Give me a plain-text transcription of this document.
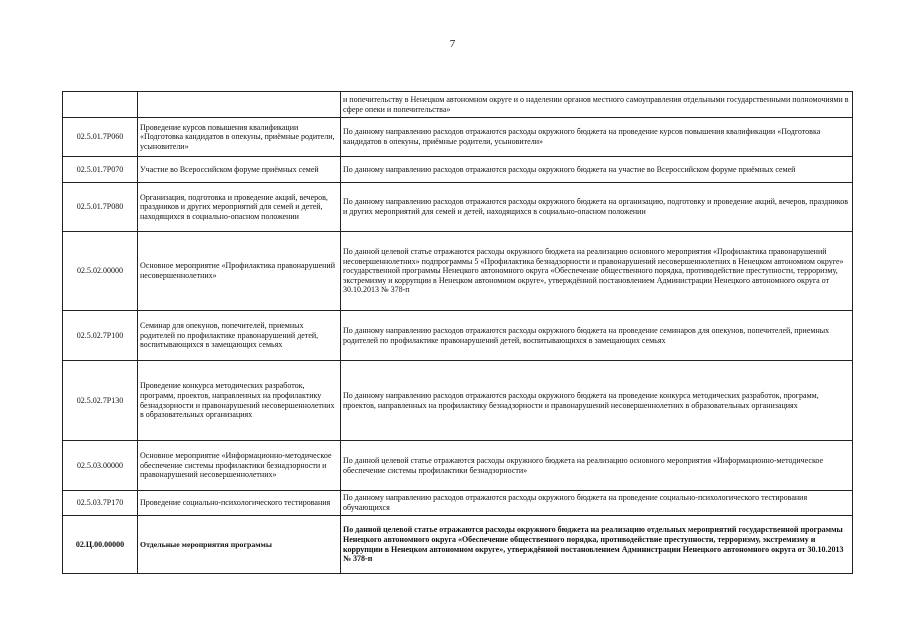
7
		и попечительству в Ненецком автономном округе и о наделении органов местного самоуправления отдельными государственными полномочиями в сфере опеки и попечительства»
02.5.01.7Р060	Проведение курсов повышения квалификации «Подготовка кандидатов в опекуны, приёмные родители, усыновители»	По данному направлению расходов отражаются расходы окружного бюджета на проведение курсов повышения квалификации «Подготовка кандидатов в опекуны, приёмные родители, усыновители»
02.5.01.7Р070	Участие во Всероссийском форуме приёмных семей	По данному направлению расходов отражаются расходы окружного бюджета на участие во Всероссийском форуме приёмных семей
02.5.01.7Р080	Организация, подготовка и проведение акций, вечеров, праздников и других мероприятий для семей и детей, находящихся в социально-опасном положении	По данному направлению расходов отражаются расходы окружного бюджета на организацию, подготовку и проведение акций, вечеров, праздников и других мероприятий для семей и детей, находящихся в социально-опасном положении
02.5.02.00000	Основное мероприятие «Профилактика правонарушений несовершеннолетних»	По данной целевой статье отражаются расходы окружного бюджета на реализацию основного мероприятия «Профилактика правонарушений несовершеннолетних» подпрограммы 5 «Профилактика безнадзорности и правонарушений несовершеннолетних в Ненецком автономном округе» государственной программы Ненецкого автономного округа «Обеспечение общественного порядка, противодействие преступности, терроризму, экстремизму и коррупции в Ненецком автономном округе», утверждённой постановлением Администрации Ненецкого автономного округа от 30.10.2013 № 378-п
02.5.02.7Р100	Семинар для опекунов, попечителей, приемных родителей по профилактике правонарушений детей, воспитывающихся в замещающих семьях	По данному направлению расходов отражаются расходы окружного бюджета на проведение семинаров для опекунов, попечителей, приемных родителей по профилактике правонарушений детей, воспитывающихся в замещающих семьях
02.5.02.7Р130	Проведение конкурса методических разработок, программ, проектов, направленных на профилактику безнадзорности и правонарушений несовершеннолетних в образовательных организациях	По данному направлению расходов отражаются расходы окружного бюджета на проведение конкурса методических разработок, программ, проектов, направленных на профилактику безнадзорности и правонарушений несовершеннолетних в образовательных организациях
02.5.03.00000	Основное мероприятие «Информационно-методическое обеспечение системы профилактики безнадзорности и правонарушений несовершеннолетних»	По данной целевой статье отражаются расходы окружного бюджета на реализацию основного мероприятия «Информационно-методическое обеспечение системы профилактики безнадзорности»
02.5.03.7Р170	Проведение социально-психологического тестирования	По данному направлению расходов отражаются расходы окружного бюджета на проведение социально-психологического тестирования обучающихся
02.Ц.00.00000	Отдельные мероприятия программы	По данной целевой статье отражаются расходы окружного бюджета на реализацию отдельных мероприятий государственной программы Ненецкого автономного округа «Обеспечение общественного порядка, противодействие преступности, терроризму, экстремизму и коррупции в Ненецком автономном округе», утверждённой постановлением Администрации Ненецкого автономного округа от 30.10.2013 № 378-п
